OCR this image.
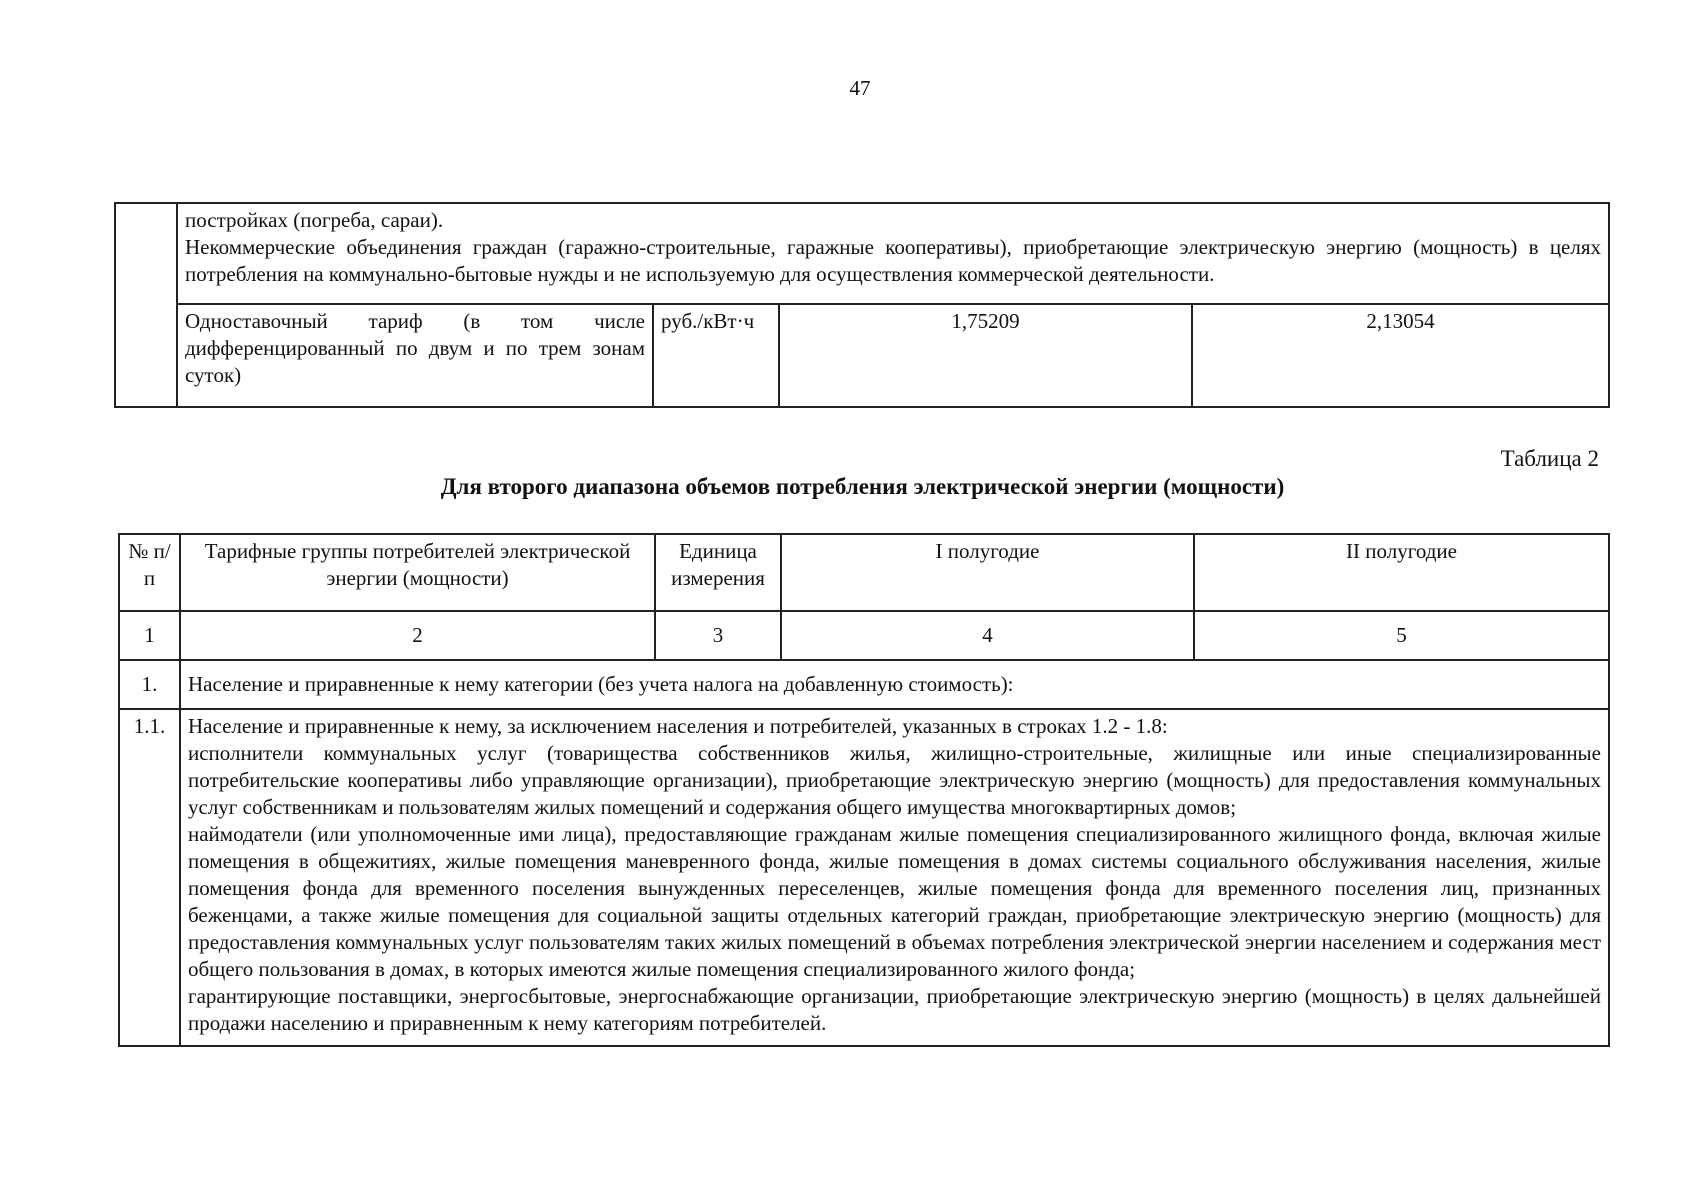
47

	постройках (погреба, сараи).

Некоммерческие объединения граждан (гаражно-строительные, гаражные кооперативы), приобретающие электрическую энергию (мощность) в целях потребления на коммунально-бытовые нужды и не используемую для осуществления коммерческой деятельности.			

	Одноставочный тариф (в том числе дифференцированный по двум и по трем зонам суток)	руб./кВт·ч	1,75209	2,13054
Таблица 2
Для второго диапазона объемов потребления электрической энергии (мощности)
№ п/п	Тарифные группы потребителей электрической энергии (мощности)	Единица измерения	I полугодие	II полугодие
1	2	3	4	5
1.	Население и приравненные к нему категории (без учета налога на добавленную стоимость):			
1.1.	Население и приравненные к нему, за исключением населения и потребителей, указанных в строках 1.2 - 1.8:

исполнители коммунальных услуг (товарищества собственников жилья, жилищно-строительные, жилищные или иные специализированные потребительские кооперативы либо управляющие организации), приобретающие электрическую энергию (мощность) для предоставления коммунальных услуг собственникам и пользователям жилых помещений и содержания общего имущества многоквартирных домов;

наймодатели (или уполномоченные ими лица), предоставляющие гражданам жилые помещения специализированного жилищного фонда, включая жилые помещения в общежитиях, жилые помещения маневренного фонда, жилые помещения в домах системы социального обслуживания населения, жилые помещения фонда для временного поселения вынужденных переселенцев, жилые помещения фонда для временного поселения лиц, признанных беженцами, а также жилые помещения для социальной защиты отдельных категорий граждан, приобретающие электрическую энергию (мощность) для предоставления коммунальных услуг пользователям таких жилых помещений в объемах потребления электрической энергии населением и содержания мест общего пользования в домах, в которых имеются жилые помещения специализированного жилого фонда;

гарантирующие поставщики, энергосбытовые, энергоснабжающие организации, приобретающие электрическую энергию (мощность) в целях дальнейшей продажи населению и приравненным к нему категориям потребителей.			
